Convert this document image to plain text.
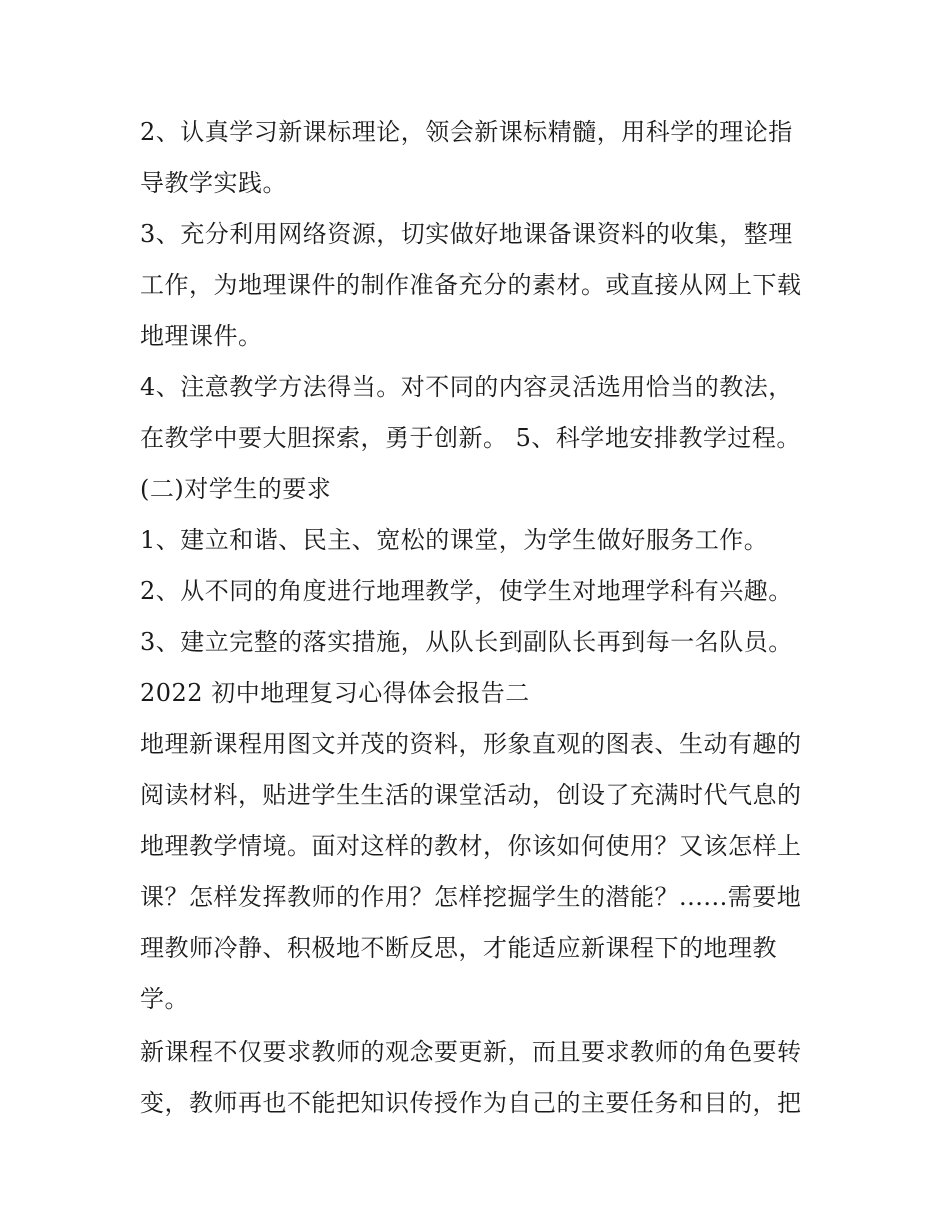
2、认真学习新课标理论，领会新课标精髓，用科学的理论指导教学实践。

3、充分利用网络资源，切实做好地课备课资料的收集，整理工作，为地理课件的制作准备充分的素材。或直接从网上下载地理课件。

4、注意教学方法得当。对不同的内容灵活选用恰当的教法，在教学中要大胆探索，勇于创新。 5、科学地安排教学过程。

(二)对学生的要求

1、建立和谐、民主、宽松的课堂，为学生做好服务工作。

2、从不同的角度进行地理教学，使学生对地理学科有兴趣。

3、建立完整的落实措施，从队长到副队长再到每一名队员。

2022 初中地理复习心得体会报告二

地理新课程用图文并茂的资料，形象直观的图表、生动有趣的阅读材料，贴进学生生活的课堂活动，创设了充满时代气息的地理教学情境。面对这样的教材，你该如何使用？又该怎样上课？怎样发挥教师的作用？怎样挖掘学生的潜能？......需要地理教师冷静、积极地不断反思，才能适应新课程下的地理教学。

新课程不仅要求教师的观念要更新，而且要求教师的角色要转变，教师再也不能把知识传授作为自己的主要任务和目的，把
